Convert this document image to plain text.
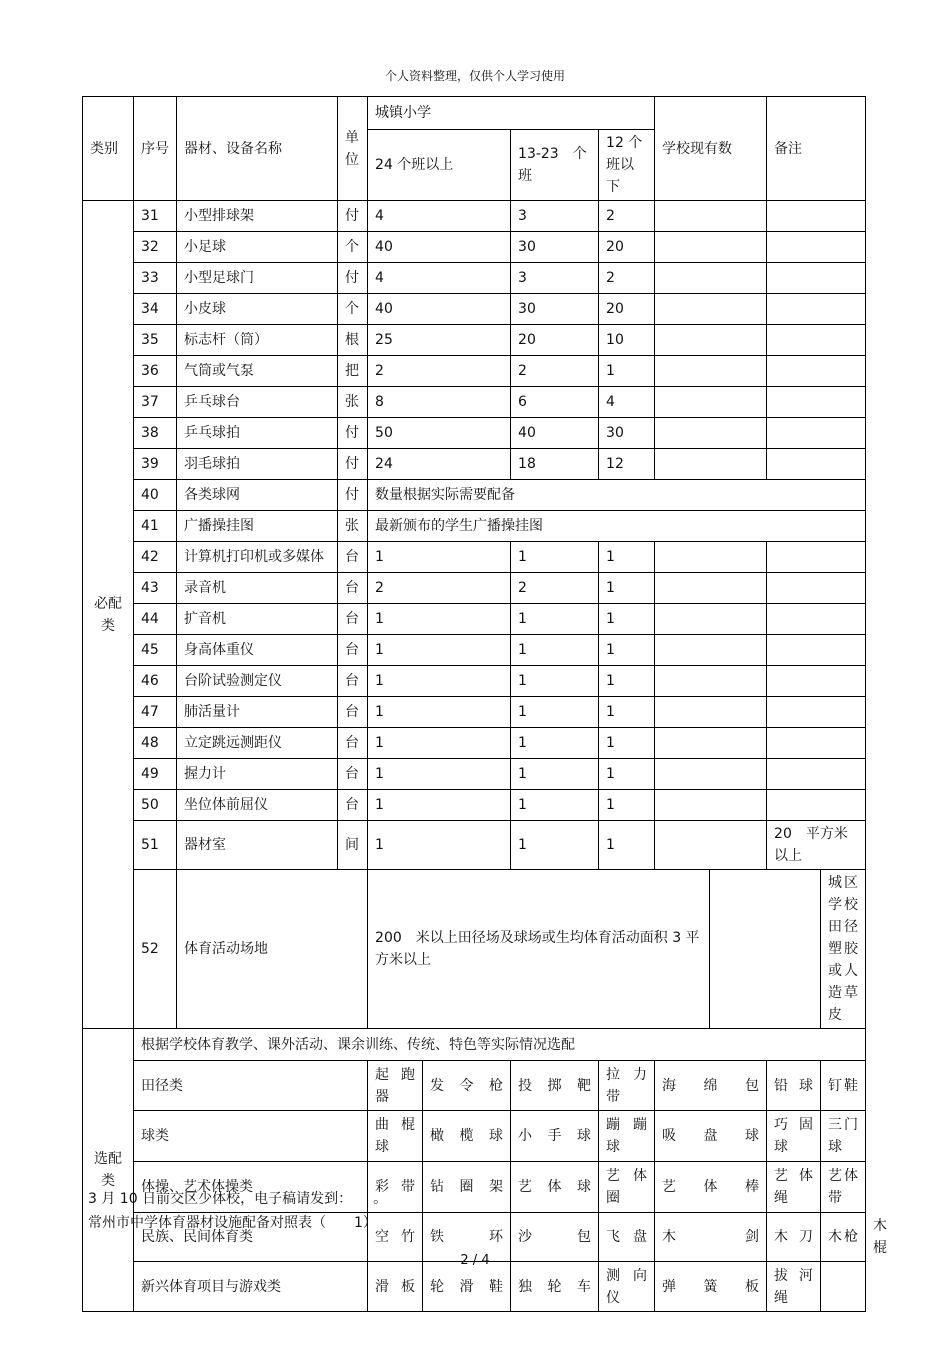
个人资料整理，仅供个人学习使用
类别	序号	器材、设备名称	单位	城镇小学				学校现有数		备注		
				24 个班以上		13-23　个班	12 个班以下					
必配类	31	小型排球架	付	4		3	2					
	32	小足球	个	40		30	20					
	33	小型足球门	付	4		3	2					
	34	小皮球	个	40		30	20					
	35	标志杆（筒）	根	25		20	10					
	36	气筒或气泵	把	2		2	1					
	37	乒乓球台	张	8		6	4					
	38	乒乓球拍	付	50		40	30					
	39	羽毛球拍	付	24		18	12					
	40	各类球网	付	数量根据实际需要配备								
	41	广播操挂图	张	最新颁布的学生广播操挂图								
	42	计算机打印机或多媒体	台	1		1	1					
	43	录音机	台	2		2	1					
	44	扩音机	台	1		1	1					
	45	身高体重仪	台	1		1	1					
	46	台阶试验测定仪	台	1		1	1					
	47	肺活量计	台	1		1	1					
	48	立定跳远测距仪	台	1		1	1					
	49	握力计	台	1		1	1					
	50	坐位体前屈仪	台	1		1	1					
	51	器材室	间	1		1	1			20　平方米以上		
	52	体育活动场地		200　米以上田径场及球场或生均体育活动面积 3 平方米以上							城区学校田径塑胶或人造草皮	
选配类	根据学校体育教学、课外活动、课余训练、传统、特色等实际情况选配											
	田径类			起跑器	发令枪	投掷靶	拉力带	海绵包		铅球	钉鞋	
	球类			曲棍球	橄榄球	小手球	蹦蹦球	吸盘球		巧固球	三门球	
	体操、艺术体操类			彩带	钻圈架	艺体球	艺体圈	艺体棒		艺体绳	艺体带	
	民族、民间体育类			空竹	铁环	沙包	飞盘	木剑		木刀	木枪	木棍
	新兴体育项目与游戏类			滑板	轮滑鞋	独轮车	测向仪	弹簧板		拔河绳		
3 月 10 日前交区少体校，电子稿请发到：　　。
常州市中学体育器材设施配备对照表（　　1）
2 / 4
